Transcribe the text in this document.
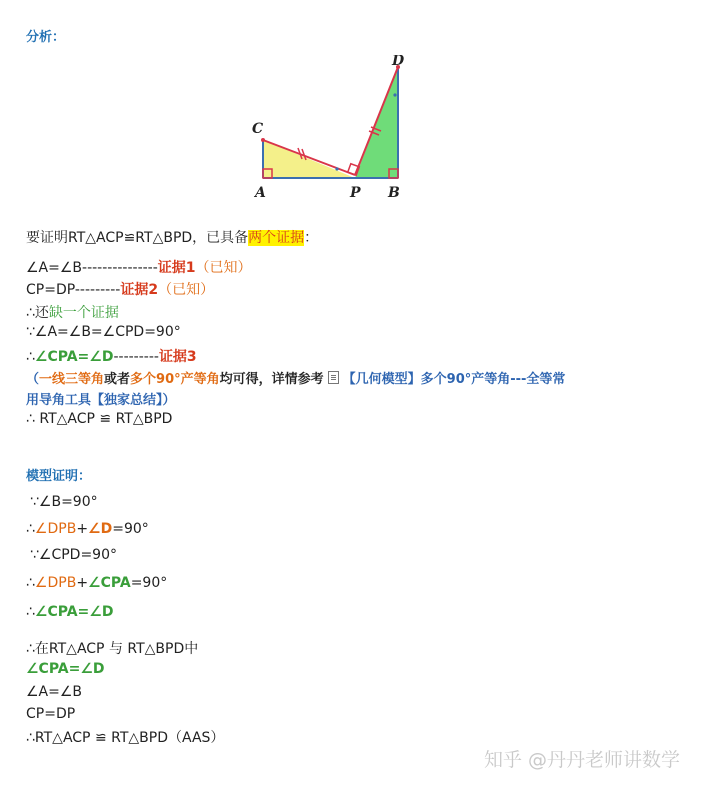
分析：
C
D
A	P B
要证明RT△ACP≌RT△BPD，已具备两个证据：
∠A=∠B---------------证据1（已知）
CP=DP---------证据2（已知）
∴还缺一个证据
∵∠A=∠B=∠CPD=90°
∴∠CPA=∠D---------证据3
（一线三等角或者多个90°产等角均可得，详情参考 【几何模型】多个90°产等角---全等常
用导角工具【独家总结】）
∴ RT△ACP ≌ RT△BPD
模型证明：
∵∠B=90°
∴∠DPB+∠D=90°
∵∠CPD=90°
∴∠DPB+∠CPA=90°
∴∠CPA=∠D
∴在RT△ACP 与 RT△BPD中
∠CPA=∠D
∠A=∠B
CP=DP
∴RT△ACP ≌ RT△BPD（AAS）
知乎 @丹丹老师讲数学
